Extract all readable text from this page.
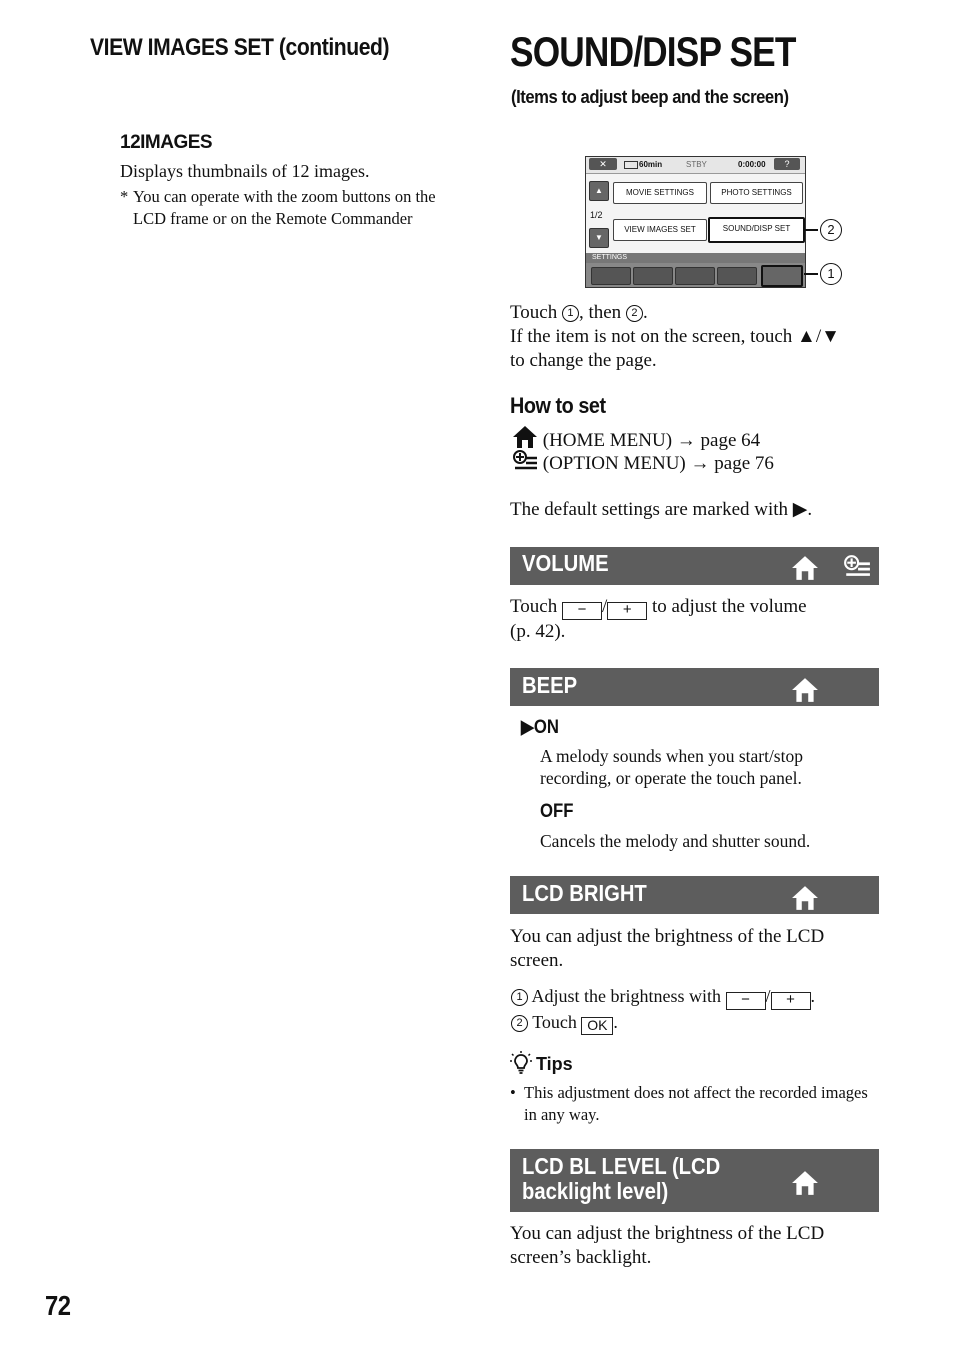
VIEW IMAGES SET (continued)
12IMAGES
Displays thumbnails of 12 images.
* You can operate with the zoom buttons on the LCD frame or on the Remote Commander
SOUND/DISP SET
(Items to adjust beep and the screen)
✕	60min	STBY	0:00:00	?
▲
1/2
▼
MOVIE SETTINGS	PHOTO SETTINGS
VIEW IMAGES SET	SOUND/DISP SET
SETTINGS
2
1
Touch 1 , then 2 .
If the item is not on the screen, touch ▲/▼
to change the page.
How to set
(HOME MENU) → page 64
(OPTION MENU) → page 76
The default settings are marked with ▶.
VOLUME
Touch − / + to adjust the volume
(p. 42).
BEEP
▶ON
A melody sounds when you start/stop recording, or operate the touch panel.
OFF
Cancels the melody and shutter sound.
LCD BRIGHT
You can adjust the brightness of the LCD screen.
1 Adjust the brightness with − / + .
2 Touch OK .
Tips
• This adjustment does not affect the recorded images in any way.
LCD BL LEVEL (LCD
backlight level)
You can adjust the brightness of the LCD screen’s backlight.
72
